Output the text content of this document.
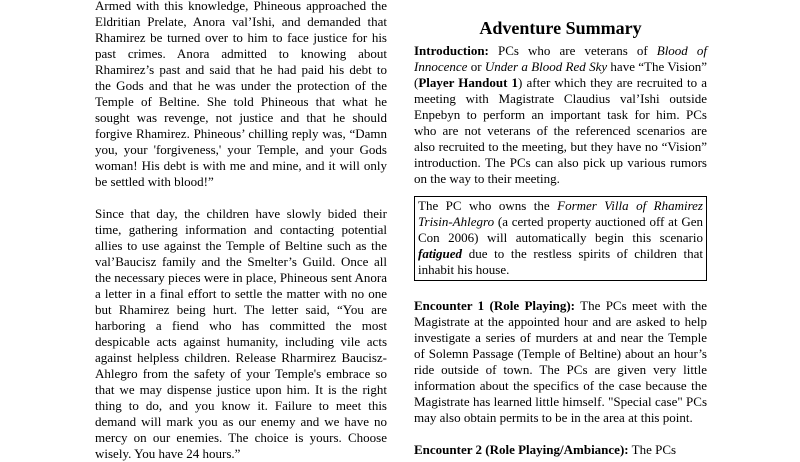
Armed with this knowledge, Phineous approached the Eldritian Prelate, Anora val’Ishi, and demanded that Rhamirez be turned over to him to face justice for his past crimes. Anora admitted to knowing about Rhamirez’s past and said that he had paid his debt to the Gods and that he was under the protection of the Temple of Beltine. She told Phineous that what he sought was revenge, not justice and that he should forgive Rhamirez. Phineous’ chilling reply was, “Damn you, your 'forgiveness,' your Temple, and your Gods woman! His debt is with me and mine, and it will only be settled with blood!”

Since that day, the children have slowly bided their time, gathering information and contacting potential allies to use against the Temple of Beltine such as the val’Baucisz family and the Smelter’s Guild. Once all the necessary pieces were in place, Phineous sent Anora a letter in a final effort to settle the matter with no one but Rhamirez being hurt. The letter said, “You are harboring a fiend who has committed the most despicable acts against humanity, including vile acts against helpless children. Release Rharmirez Baucisz-Ahlegro from the safety of your Temple's embrace so that we may dispense justice upon him. It is the right thing to do, and you know it. Failure to meet this demand will mark you as our enemy and we have no mercy on our enemies. The choice is yours. Choose wisely. You have 24 hours.”

Adventure Summary

Introduction: PCs who are veterans of Blood of Innocence or Under a Blood Red Sky have “The Vision” (Player Handout 1) after which they are recruited to a meeting with Magistrate Claudius val’Ishi outside Enpebyn to perform an important task for him. PCs who are not veterans of the referenced scenarios are also recruited to the meeting, but they have no “Vision” introduction. The PCs can also pick up various rumors on the way to their meeting.

The PC who owns the Former Villa of Rhamirez Trisin-Ahlegro (a certed property auctioned off at Gen Con 2006) will automatically begin this scenario fatigued due to the restless spirits of children that inhabit his house.

Encounter 1 (Role Playing): The PCs meet with the Magistrate at the appointed hour and are asked to help investigate a series of murders at and near the Temple of Solemn Passage (Temple of Beltine) about an hour’s ride outside of town. The PCs are given very little information about the specifics of the case because the Magistrate has learned little himself. "Special case" PCs may also obtain permits to be in the area at this point.

Encounter 2 (Role Playing/Ambiance): The PCs
